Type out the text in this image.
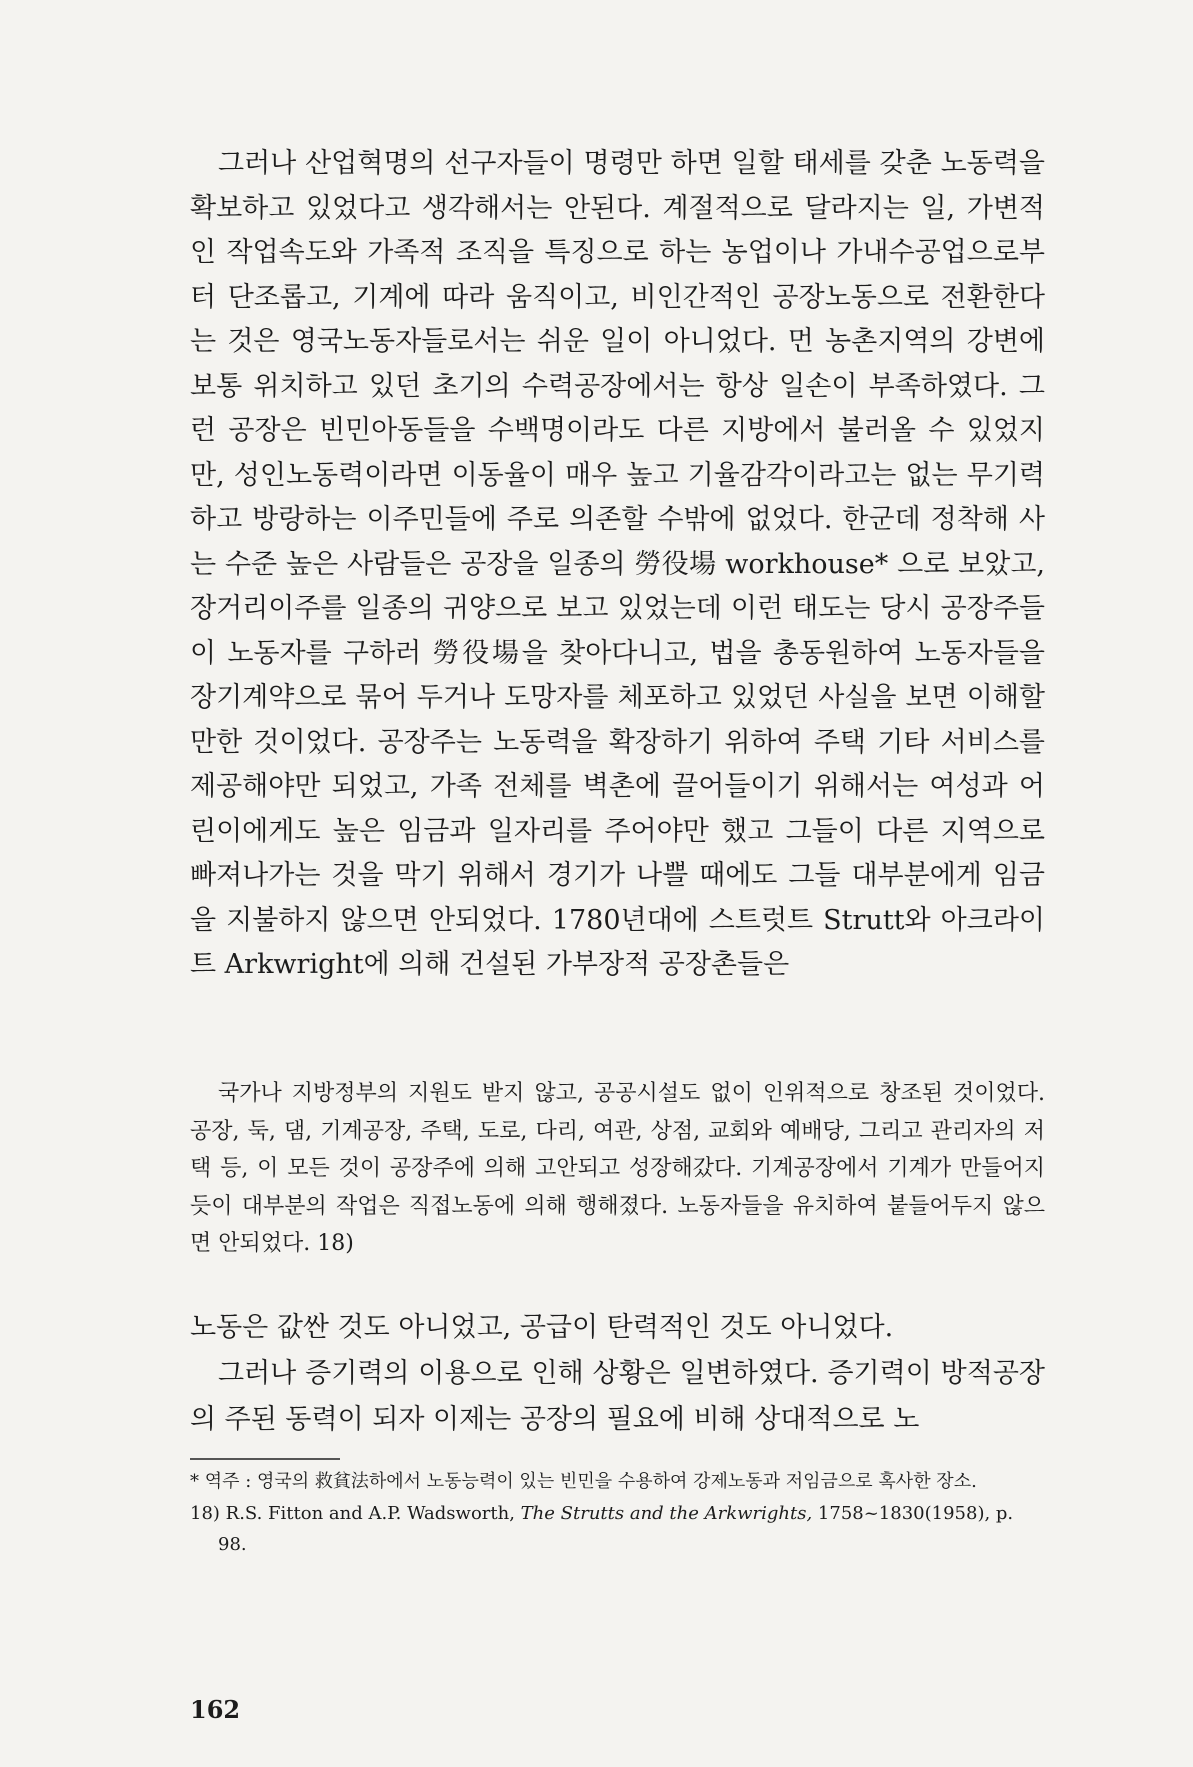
그러나 산업혁명의 선구자들이 명령만 하면 일할 태세를 갖춘 노동력을 확보하고 있었다고 생각해서는 안된다. 계절적으로 달라지는 일, 가변적인 작업속도와 가족적 조직을 특징으로 하는 농업이나 가내수공업으로부터 단조롭고, 기계에 따라 움직이고, 비인간적인 공장노동으로 전환한다는 것은 영국노동자들로서는 쉬운 일이 아니었다. 먼 농촌지역의 강변에 보통 위치하고 있던 초기의 수력공장에서는 항상 일손이 부족하였다. 그런 공장은 빈민아동들을 수백명이라도 다른 지방에서 불러올 수 있었지만, 성인노동력이라면 이동율이 매우 높고 기율감각이라고는 없는 무기력하고 방랑하는 이주민들에 주로 의존할 수밖에 없었다. 한군데 정착해 사는 수준 높은 사람들은 공장을 일종의 勞役場 workhouse* 으로 보았고, 장거리이주를 일종의 귀양으로 보고 있었는데 이런 태도는 당시 공장주들이 노동자를 구하러 勞役場을 찾아다니고, 법을 총동원하여 노동자들을 장기계약으로 묶어 두거나 도망자를 체포하고 있었던 사실을 보면 이해할 만한 것이었다. 공장주는 노동력을 확장하기 위하여 주택 기타 서비스를 제공해야만 되었고, 가족 전체를 벽촌에 끌어들이기 위해서는 여성과 어린이에게도 높은 임금과 일자리를 주어야만 했고 그들이 다른 지역으로 빠져나가는 것을 막기 위해서 경기가 나쁠 때에도 그들 대부분에게 임금을 지불하지 않으면 안되었다. 1780년대에 스트럿트 Strutt와 아크라이트 Arkwright에 의해 건설된 가부장적 공장촌들은

국가나 지방정부의 지원도 받지 않고, 공공시설도 없이 인위적으로 창조된 것이었다. 공장, 둑, 댐, 기계공장, 주택, 도로, 다리, 여관, 상점, 교회와 예배당, 그리고 관리자의 저택 등, 이 모든 것이 공장주에 의해 고안되고 성장해갔다. 기계공장에서 기계가 만들어지듯이 대부분의 작업은 직접노동에 의해 행해졌다. 노동자들을 유치하여 붙들어두지 않으면 안되었다. 18)

노동은 값싼 것도 아니었고, 공급이 탄력적인 것도 아니었다.

그러나 증기력의 이용으로 인해 상황은 일변하였다. 증기력이 방적공장의 주된 동력이 되자 이제는 공장의 필요에 비해 상대적으로 노

* 역주 : 영국의 救貧法하에서 노동능력이 있는 빈민을 수용하여 강제노동과 저임금으로 혹사한 장소.

18) R.S. Fitton and A.P. Wadsworth, The Strutts and the Arkwrights, 1758~1830(1958), p. 98.

162
